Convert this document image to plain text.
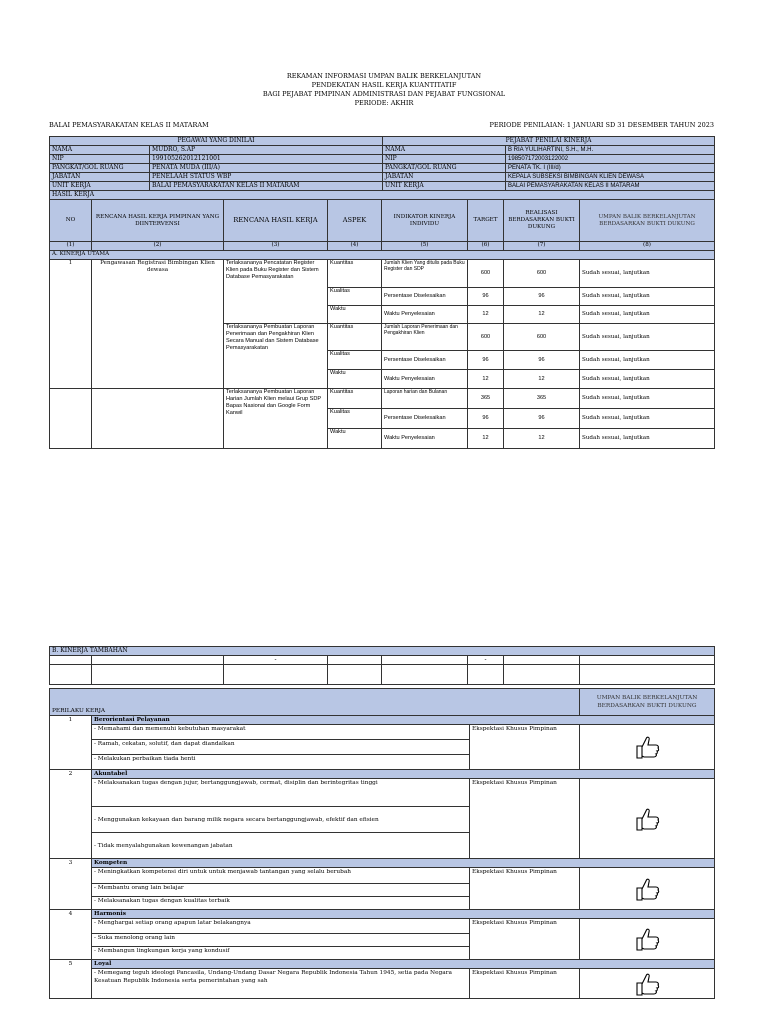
REKAMAN INFORMASI UMPAN BALIK BERKELANJUTAN
PENDEKATAN HASIL KERJA KUANTITATIF
BAGI PEJABAT PIMPINAN ADMINISTRASI DAN PEJABAT FUNGSIONAL
PERIODE: AKHIR
BALAI PEMASYARAKATAN KELAS II MATARAM	PERIODE PENILAIAN: 1 JANUARI SD 31 DESEMBER TAHUN 2023
PEGAWAI YANG DINILAI		PEJABAT PENILAI KINERJA	
NAMA	MUDRO, S.AP	NAMA	B RIA YULIHARTINI, S.H., M.H.
NIP	199105262012121001	NIP	198507172003122002
PANGKAT/GOL RUANG	PENATA MUDA (III/A)	PANGKAT/GOL RUANG	PENATA TK. I (III/d)
JABATAN	PENELAAH STATUS WBP	JABATAN	KEPALA SUBSEKSI BIMBINGAN KLIEN DEWASA
UNIT KERJA	BALAI PEMASYARAKATAN KELAS II MATARAM	UNIT KERJA	BALAI PEMASYARAKATAN KELAS II MATARAM
HASIL KERJA			
NO	RENCANA HASIL KERJA PIMPINAN YANG DIINTERVENSI	RENCANA HASIL KERJA	ASPEK	INDIKATOR KINERJA INDIVIDU	TARGET	REALISASI BERDASARKAN BUKTI DUKUNG	UMPAN BALIK BERKELANJUTAN BERDASARKAN BUKTI DUKUNG
(1)	(2)	(3)	(4)	(5)	(6)	(7)	(8)
A. KINERJA UTAMA							
1	Pengawasan Registrasi Bimbingan Klien dewasa	Terlaksananya Pencatatan Register Klien pada Buku Register dan Sistem Database Pemasyarakatan	Kuantitas	Jumlah Klien Yang ditulis pada Buku Register dan SDP	600	600	Sudah sesuai, lanjutkan
			Kualitas	Persentase Diselesaikan	96	96	Sudah sesuai, lanjutkan
			Waktu	Waktu Penyelesaian	12	12	Sudah sesuai, lanjutkan
		Terlaksananya Pembuatan Laporan Penerimaan dan Pengakhiran Klien Secara Manual dan Sistem Database Pemasyarakatan	Kuantitas	Jumlah Laporan Penerimaan dan Pengakhiran Klien	600	600	Sudah sesuai, lanjutkan
			Kualitas	Persentase Diselesaikan	96	96	Sudah sesuai, lanjutkan
			Waktu	Waktu Penyelesaian	12	12	Sudah sesuai, lanjutkan
		Terlaksananya Pembuatan Laporan Harian Jumlah Klien melaui Grup SDP Bapas Nasional dan Google Form Kanwil	Kuantitas	Laporan harian dan Bulanan	365	365	Sudah sesuai, lanjutkan
			Kualitas	Persentase Diselesaikan	96	96	Sudah sesuai, lanjutkan
			Waktu	Waktu Penyelesaian	12	12	Sudah sesuai, lanjutkan
B. KINERJA TAMBAHAN							
		-			-		

PERILAKU KERJA			UMPAN BALIK BERKELANJUTAN BERDASARKAN BUKTI DUKUNG
1	Berorientasi Pelayanan		
	- Memahami dan memenuhi kebutuhan masyarakat	Ekspektasi Khusus Pimpinan	

	- Ramah, cekatan, solutif, dan dapat diandalkan		
	- Melakukan perbaikan tiada henti		
2	Akuntabel		
	- Melaksanakan tugas dengan jujur, bertanggungjawab, cermat, disiplin dan berintegritas tinggi	Ekspektasi Khusus Pimpinan	

	- Menggunakan kekayaan dan barang milik negara secara bertanggungjawab, efektif dan efisien		
	- Tidak menyalahgunakan kewenangan jabatan		
3	Kompeten		
	- Meningkatkan kompetensi diri untuk untuk menjawab tantangan yang selalu berubah	Ekspektasi Khusus Pimpinan	

	- Membantu orang lain belajar		
	- Melaksanakan tugas dengan kualitas terbaik		
4	Harmonis		
	- Menghargai setiap orang apapun latar belakangnya	Ekspektasi Khusus Pimpinan	

	- Suka menolong orang lain		
	- Membangun lingkungan kerja yang kondusif		
5	Loyal		
	- Memegang teguh ideologi Pancasila, Undang-Undang Dasar Negara Republik Indonesia Tahun 1945, setia pada Negara Kesatuan Republik Indonesia serta pemerintahan yang sah	Ekspektasi Khusus Pimpinan	
